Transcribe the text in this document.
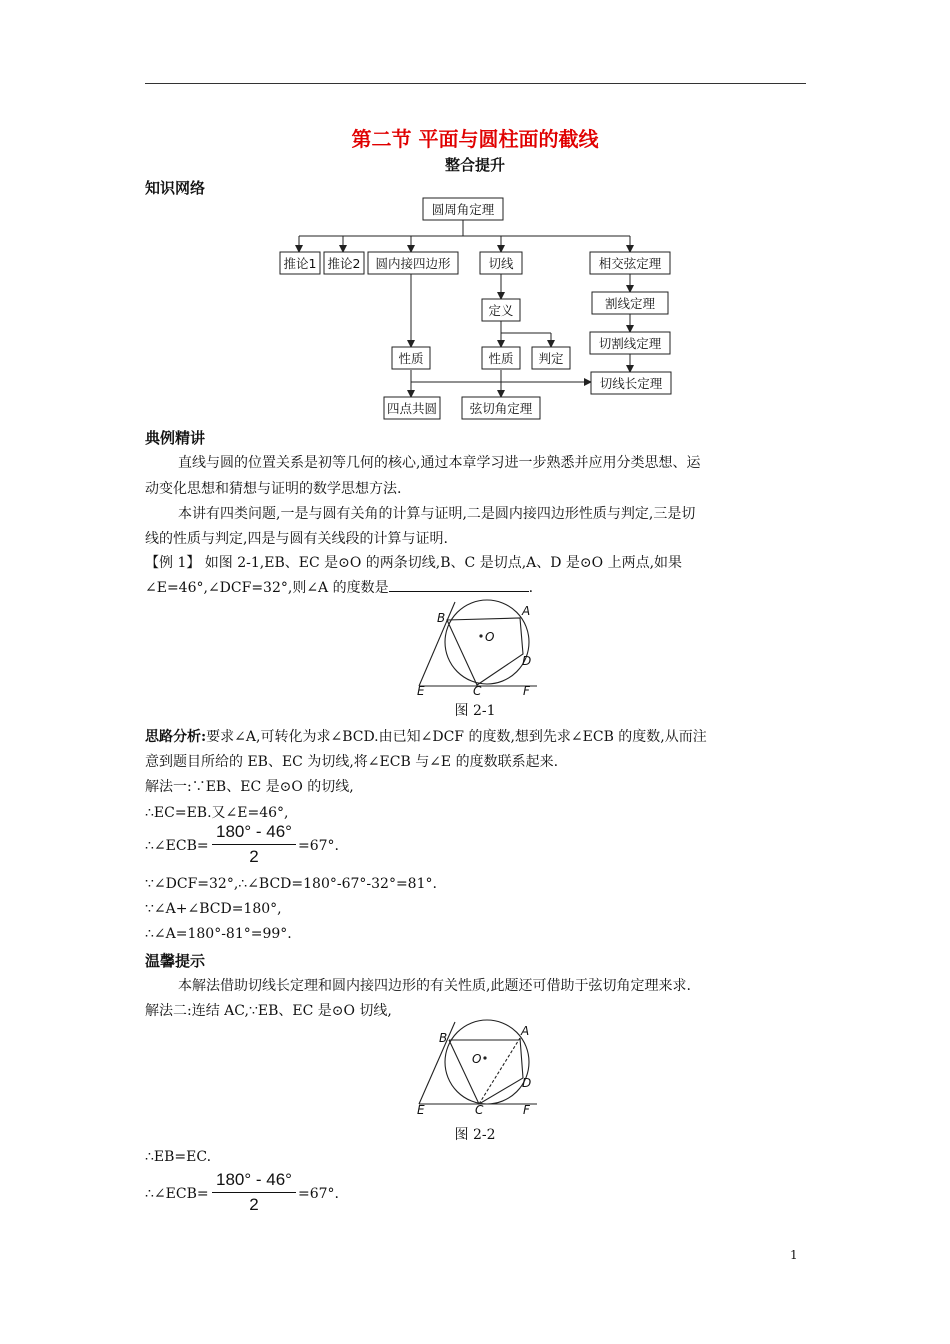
第二节 平面与圆柱面的截线
整合提升
知识网络
圆周角定理
推论1 推论2 圆内接四边形	切线	相交弦定理
定义	割线定理
性质	性质 判定
切割线定理
切线长定理
四点共圆	弦切角定理
典例精讲
直线与圆的位置关系是初等几何的核心,通过本章学习进一步熟悉并应用分类思想、运
动变化思想和猜想与证明的数学思想方法.
本讲有四类问题,一是与圆有关角的计算与证明,二是圆内接四边形性质与判定,三是切
线的性质与判定,四是与圆有关线段的计算与证明.
【例 1】 如图 2-1,EB、EC 是⊙O 的两条切线,B、C 是切点,A、D 是⊙O 上两点,如果
∠E=46°,∠DCF=32°,则∠A 的度数是	.
A
B
C
D
E	F
O
图 2-1
思路分析:要求∠A,可转化为求∠BCD.由已知∠DCF 的度数,想到先求∠ECB 的度数,从而注
意到题目所给的 EB、EC 为切线,将∠ECB 与∠E 的度数联系起来.
解法一:∵EB、EC 是⊙O 的切线,
∴EC=EB.又∠E=46°,
∴∠ECB=
180° - 46°
2
=67°.
∵∠DCF=32°,∴∠BCD=180°-67°-32°=81°.
∵∠A+∠BCD=180°,
∴∠A=180°-81°=99°.
温馨提示
本解法借助切线长定理和圆内接四边形的有关性质,此题还可借助于弦切角定理来求.
解法二:连结 AC,∵EB、EC 是⊙O 切线,
A
B
C
D
E	F
O
图 2-2
∴EB=EC.
∴∠ECB=
180° - 46°
2
=67°.
1
